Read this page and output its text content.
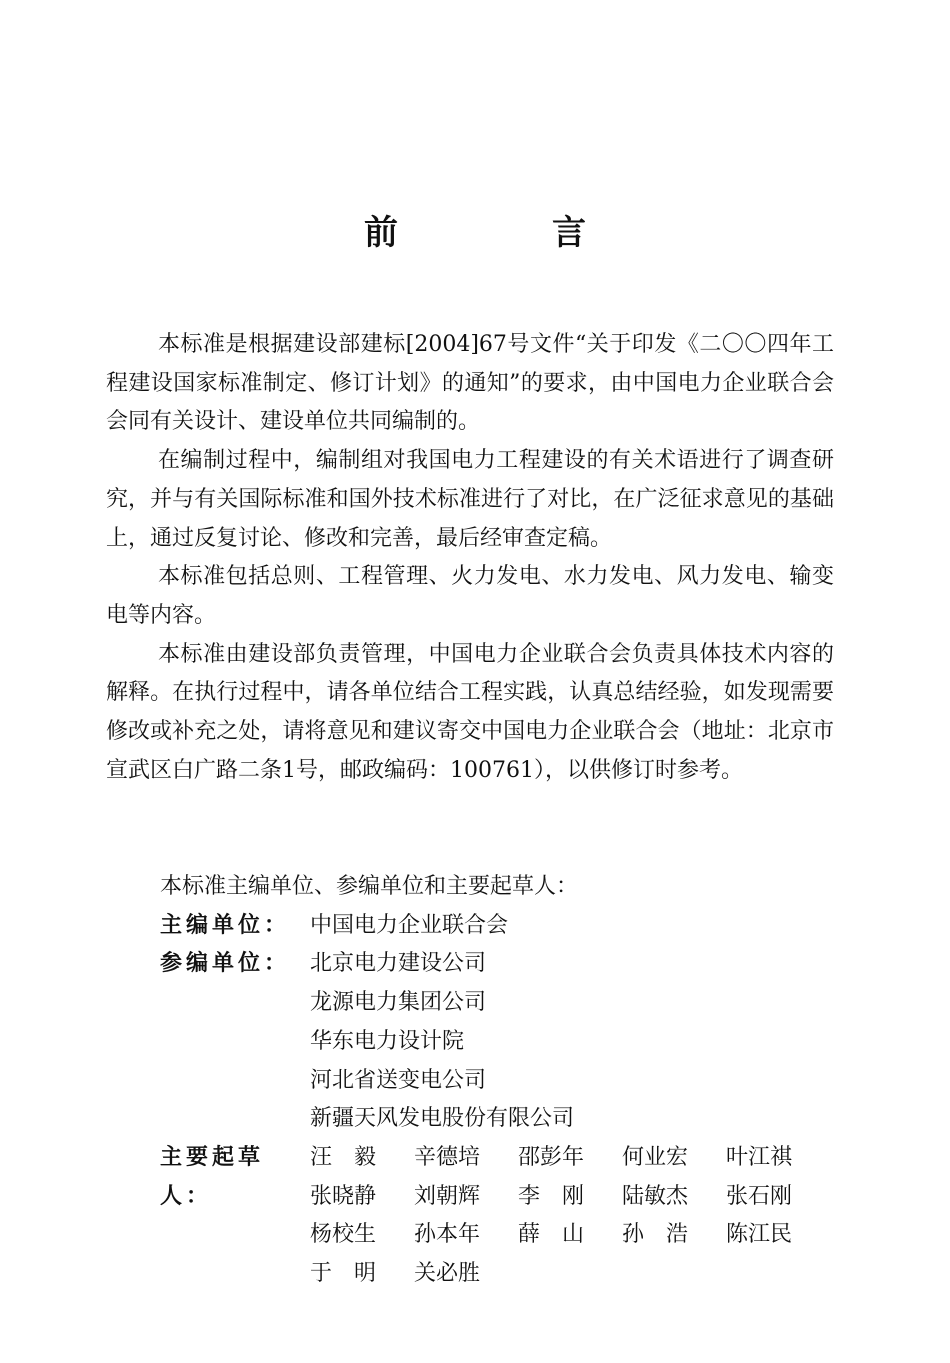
前　言

本标准是根据建设部建标[2004]67号文件“关于印发《二〇〇四年工程建设国家标准制定、修订计划》的通知”的要求，由中国电力企业联合会会同有关设计、建设单位共同编制的。

在编制过程中，编制组对我国电力工程建设的有关术语进行了调查研究，并与有关国际标准和国外技术标准进行了对比，在广泛征求意见的基础上，通过反复讨论、修改和完善，最后经审查定稿。

本标准包括总则、工程管理、火力发电、水力发电、风力发电、输变电等内容。

本标准由建设部负责管理，中国电力企业联合会负责具体技术内容的解释。在执行过程中，请各单位结合工程实践，认真总结经验，如发现需要修改或补充之处，请将意见和建议寄交中国电力企业联合会（地址：北京市宣武区白广路二条1号，邮政编码：100761），以供修订时参考。

本标准主编单位、参编单位和主要起草人：
主编单位： 中国电力企业联合会
参编单位： 北京电力建设公司
龙源电力集团公司
华东电力设计院
河北省送变电公司
新疆天风发电股份有限公司
主要起草人：
汪　毅	辛德培	邵彭年	何业宏	叶江祺
张晓静	刘朝辉	李　刚	陆敏杰	张石刚
杨校生	孙本年	薛　山	孙　浩	陈江民
于　明	关必胜
